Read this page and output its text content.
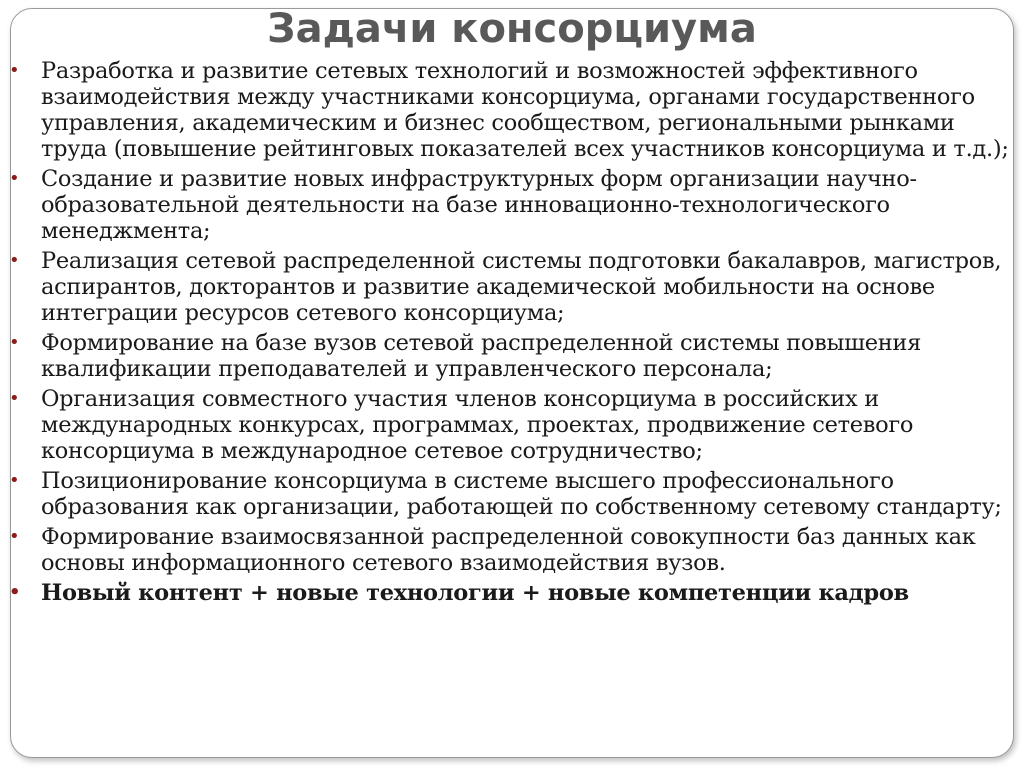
Задачи консорциума
• Разработка и развитие сетевых технологий и возможностей эффективного взаимодействия между участниками консорциума, органами государственного управления, академическим и бизнес сообществом, региональными рынками труда (повышение рейтинговых показателей всех участников консорциума и т.д.);
• Создание и развитие новых инфраструктурных форм организации научно-образовательной деятельности на базе инновационно-технологического менеджмента;
• Реализация сетевой распределенной системы подготовки бакалавров, магистров, аспирантов, докторантов и развитие академической мобильности на основе интеграции ресурсов сетевого консорциума;
• Формирование на базе вузов сетевой распределенной системы повышения квалификации преподавателей и управленческого персонала;
• Организация совместного участия членов консорциума в российских и международных конкурсах, программах, проектах, продвижение сетевого консорциума в международное сетевое сотрудничество;
• Позиционирование консорциума в системе высшего профессионального образования как организации, работающей по собственному сетевому стандарту;
• Формирование взаимосвязанной распределенной совокупности баз данных как основы информационного сетевого взаимодействия вузов.
• Новый контент + новые технологии + новые компетенции кадров
